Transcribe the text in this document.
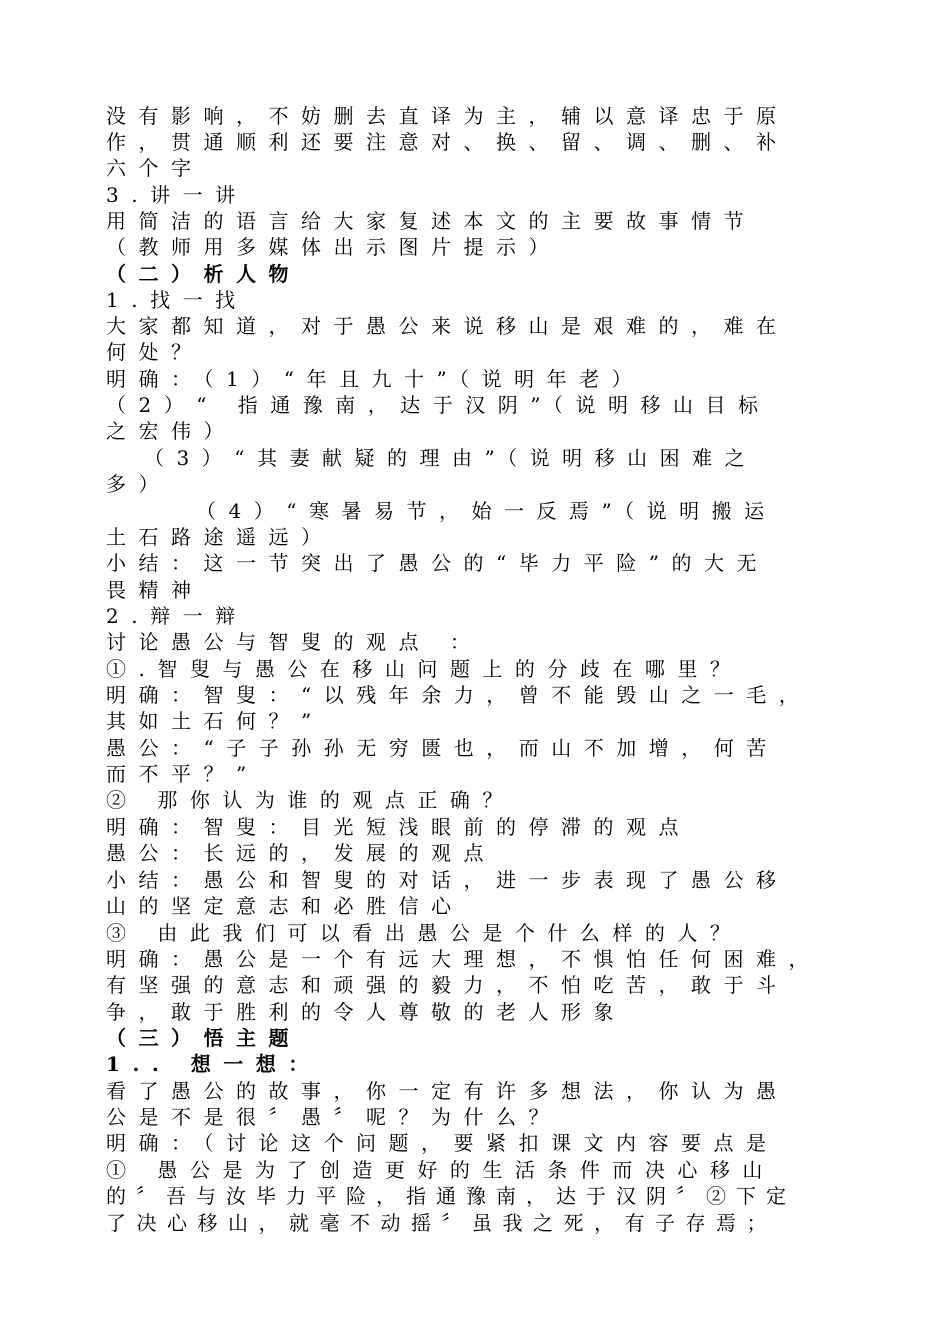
没有影响，不妨删去直译为主，辅以意译忠于原
作，贯通顺利还要注意对、换、留、调、删、补
六个字
3.讲一讲
用简洁的语言给大家复述本文的主要故事情节
（教师用多媒体出示图片提示）
（二）析人物
1.找一找
大家都知道，对于愚公来说移山是艰难的，难在
何处？
明确：（1）“年且九十”（说明年老）
（2）“ 指通豫南，达于汉阴”（说明移山目标
之宏伟）
（3）“其妻献疑的理由”（说明移山困难之
多）
（4）“寒暑易节，始一反焉”（说明搬运
土石路途遥远）
小结：这一节突出了愚公的“毕力平险”的大无
畏精神
2.辩一辩
讨论愚公与智叟的观点 ：
①.智叟与愚公在移山问题上的分歧在哪里？
明确：智叟：“以残年余力，曾不能毁山之一毛，
其如土石何？”
愚公：“子子孙孙无穷匮也，而山不加增，何苦
而不平？”
② 那你认为谁的观点正确？
明确：智叟：目光短浅眼前的停滞的观点
愚公：长远的，发展的观点
小结：愚公和智叟的对话，进一步表现了愚公移
山的坚定意志和必胜信心
③ 由此我们可以看出愚公是个什么样的人？
明确：愚公是一个有远大理想，不惧怕任何困难，
有坚强的意志和顽强的毅力，不怕吃苦，敢于斗
争，敢于胜利的令人尊敬的老人形象
（三）悟主题
1.. 想一想：
看了愚公的故事，你一定有许多想法，你认为愚
公是不是很〞愚〞呢？为什么？
明确：（讨论这个问题，要紧扣课文内容要点是
① 愚公是为了创造更好的生活条件而决心移山
的〞吾与汝毕力平险，指通豫南，达于汉阴〞②下定
了决心移山，就毫不动摇〞虽我之死，有子存焉；
